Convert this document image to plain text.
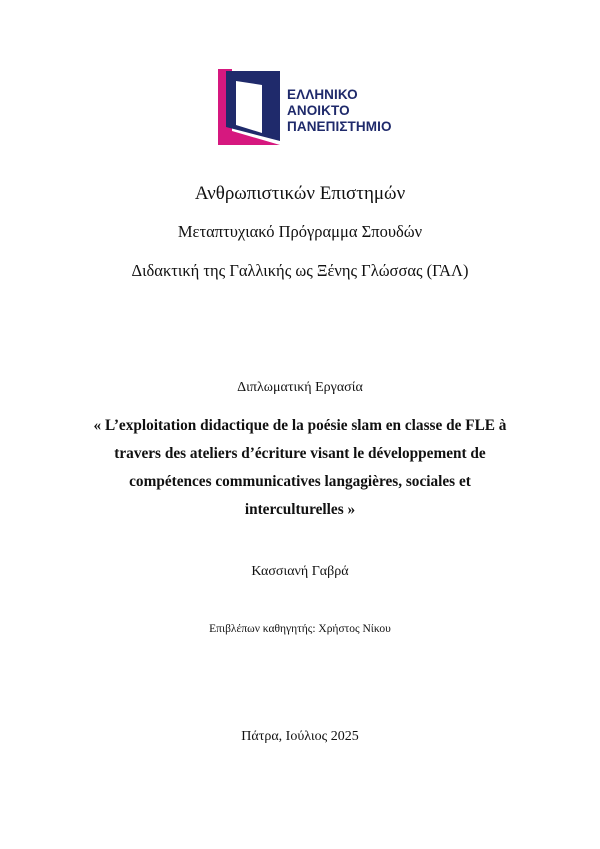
ΕΛΛΗΝΙΚΟ
ΑΝΟΙΚΤΟ
ΠΑΝΕΠΙΣΤΗΜΙΟ
Ανθρωπιστικών Επιστημών
Μεταπτυχιακό Πρόγραμμα Σπουδών
Διδακτική της Γαλλικής ως Ξένης Γλώσσας (ΓΑΛ)
Διπλωματική Εργασία
« L’exploitation didactique de la poésie slam en classe de FLE à
travers des ateliers d’écriture visant le développement de
compétences communicatives langagières, sociales et
interculturelles »
Κασσιανή Γαβρά
Επιβλέπων καθηγητής: Χρήστος Νίκου
Πάτρα, Ιούλιος 2025
